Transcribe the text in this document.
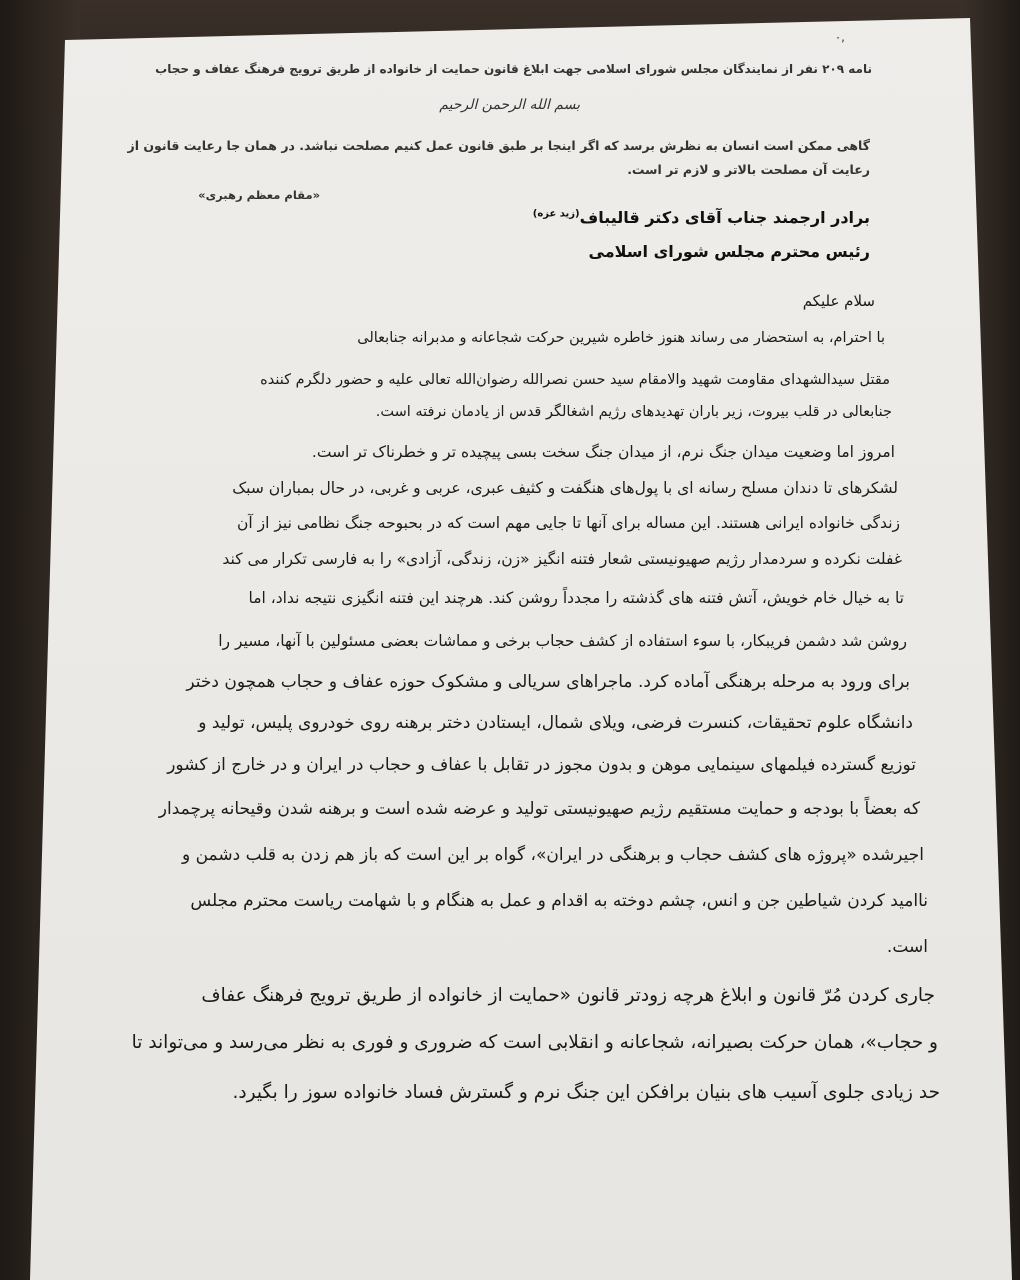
۰,
نامه ۲۰۹ نفر از نمایندگان مجلس شورای اسلامی جهت ابلاغ قانون حمایت از خانواده از طریق ترویج فرهنگ عفاف و حجاب
بسم الله الرحمن الرحیم
گاهی ممکن است انسان به نظرش برسد که اگر اینجا بر طبق قانون عمل کنیم مصلحت نباشد. در همان جا رعایت قانون از
رعایت آن مصلحت بالاتر و لازم تر است.
«مقام معظم رهبری»
برادر ارجمند جناب آقای دکتر قالیباف$^{(زید عزه)}$
رئیس محترم مجلس شورای اسلامی
سلام علیکم
با احترام، به استحضار می رساند هنوز خاطره شیرین حرکت شجاعانه و مدبرانه جنابعالی
مقتل سیدالشهدای مقاومت شهید والامقام سید حسن نصرالله رضوان‌الله تعالی علیه و حضور دلگرم کننده
جنابعالی در قلب بیروت، زیر باران تهدیدهای رژیم اشغالگر قدس از یادمان نرفته است.
امروز اما وضعیت میدان جنگ نرم، از میدان جنگ سخت بسی پیچیده تر و خطرناک تر است.
لشکرهای تا دندان مسلح رسانه ای با پول‌های هنگفت و کثیف عبری، عربی و غربی، در حال بمباران سبک
زندگی خانواده ایرانی هستند. این مساله برای آنها تا جایی مهم است که در بحبوحه جنگ نظامی نیز از آن
غفلت نکرده و سردمدار رژیم صهیونیستی شعار فتنه انگیز «زن، زندگی، آزادی» را به فارسی تکرار می کند
تا به خیال خام خویش، آتش فتنه های گذشته را مجدداً روشن کند. هرچند این فتنه انگیزی نتیجه نداد، اما
روشن شد دشمن فریبکار، با سوء استفاده از کشف حجاب برخی و مماشات بعضی مسئولین با آنها، مسیر را
برای ورود به مرحله برهنگی آماده کرد. ماجراهای سریالی و مشکوک حوزه عفاف و حجاب همچون دختر
دانشگاه علوم تحقیقات، کنسرت فرضی، ویلای شمال، ایستادن دختر برهنه روی خودروی پلیس، تولید و
توزیع گسترده فیلمهای سینمایی موهن و بدون مجوز در تقابل با عفاف و حجاب در ایران و در خارج از کشور
که بعضاً با بودجه و حمایت مستقیم رژیم صهیونیستی تولید و عرضه شده است و برهنه شدن وقیحانه پرچمدار
اجیرشده «پروژه های کشف حجاب و برهنگی در ایران»، گواه بر این است که باز هم زدن به قلب دشمن و
ناامید کردن شیاطین جن و انس، چشم دوخته به اقدام و عمل به هنگام و با شهامت ریاست محترم مجلس
است.
جاری کردن مُرّ قانون و ابلاغ هرچه زودتر قانون «حمایت از خانواده از طریق ترویج فرهنگ عفاف
و حجاب»، همان حرکت بصیرانه، شجاعانه و انقلابی است که ضروری و فوری به نظر می‌رسد و می‌تواند تا
حد زیادی جلوی آسیب های بنیان برافکن این جنگ نرم و گسترش فساد خانواده سوز را بگیرد.
